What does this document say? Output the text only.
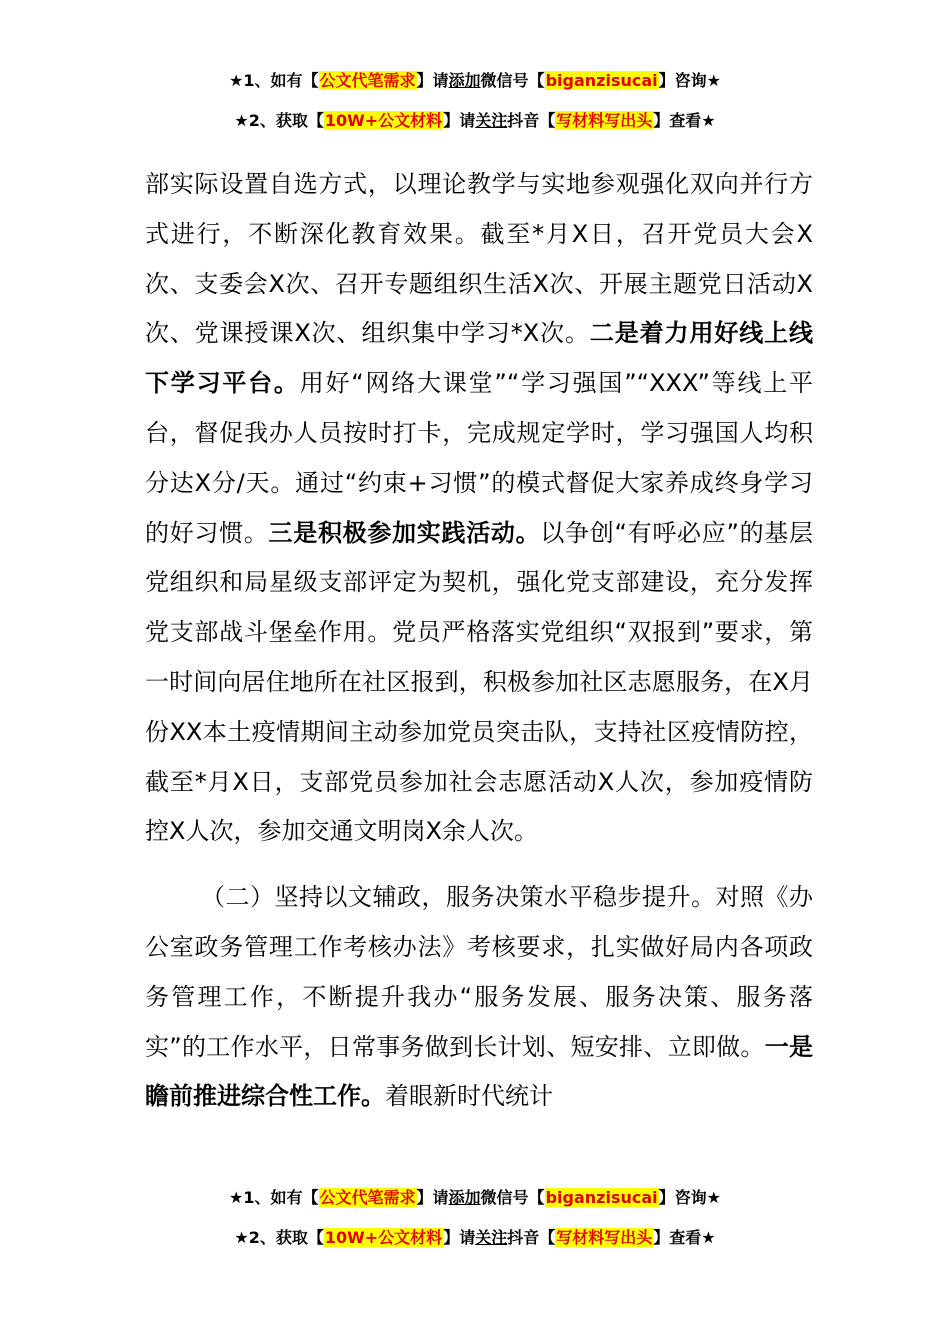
★1、如有【公文代笔需求】请添加微信号【biganzisucai】咨询★
★2、获取【10W+公文材料】请关注抖音【写材料写出头】查看★

部实际设置自选方式，以理论教学与实地参观强化双向并行方式进行，不断深化教育效果。截至*月X日，召开党员大会X次、支委会X次、召开专题组织生活X次、开展主题党日活动X次、党课授课X次、组织集中学习*X次。二是着力用好线上线下学习平台。用好“网络大课堂”“学习强国”“XXX”等线上平台，督促我办人员按时打卡，完成规定学时，学习强国人均积分达X分/天。通过“约束+习惯”的模式督促大家养成终身学习的好习惯。三是积极参加实践活动。以争创“有呼必应”的基层党组织和局星级支部评定为契机，强化党支部建设，充分发挥党支部战斗堡垒作用。党员严格落实党组织“双报到”要求，第一时间向居住地所在社区报到，积极参加社区志愿服务，在X月份XX本土疫情期间主动参加党员突击队，支持社区疫情防控，截至*月X日，支部党员参加社会志愿活动X人次，参加疫情防控X人次，参加交通文明岗X余人次。

（二）坚持以文辅政，服务决策水平稳步提升。对照《办公室政务管理工作考核办法》考核要求，扎实做好局内各项政务管理工作，不断提升我办“服务发展、服务决策、服务落实”的工作水平，日常事务做到长计划、短安排、立即做。一是瞻前推进综合性工作。着眼新时代统计

★1、如有【公文代笔需求】请添加微信号【biganzisucai】咨询★
★2、获取【10W+公文材料】请关注抖音【写材料写出头】查看★
